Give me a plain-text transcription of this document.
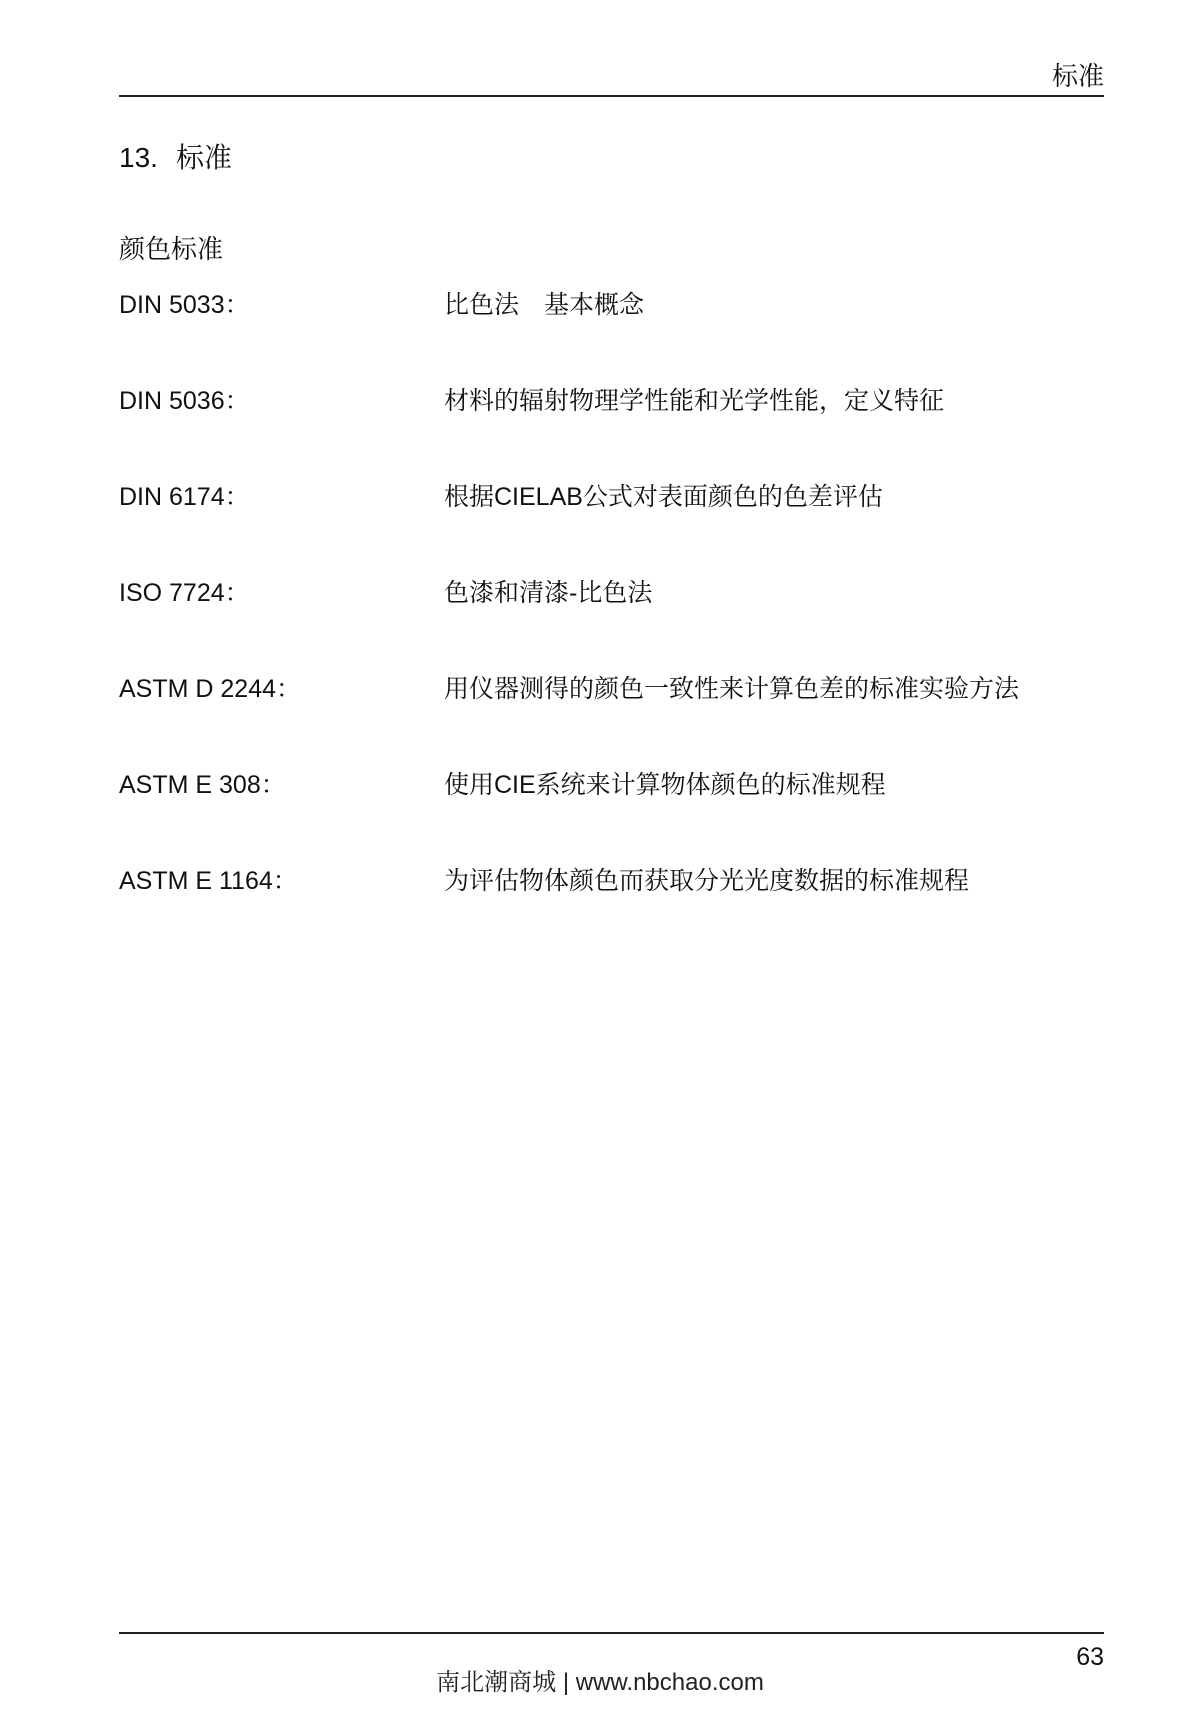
标准
13. 标准
颜色标准
DIN 5033：	比色法　基本概念
DIN 5036：	材料的辐射物理学性能和光学性能，定义特征
DIN 6174：	根据CIELAB公式对表面颜色的色差评估
ISO 7724：	色漆和清漆-比色法
ASTM D 2244：	用仪器测得的颜色一致性来计算色差的标准实验方法
ASTM E 308：	使用CIE系统来计算物体颜色的标准规程
ASTM E 1164：	为评估物体颜色而获取分光光度数据的标准规程
63
南北潮商城 | www.nbchao.com
